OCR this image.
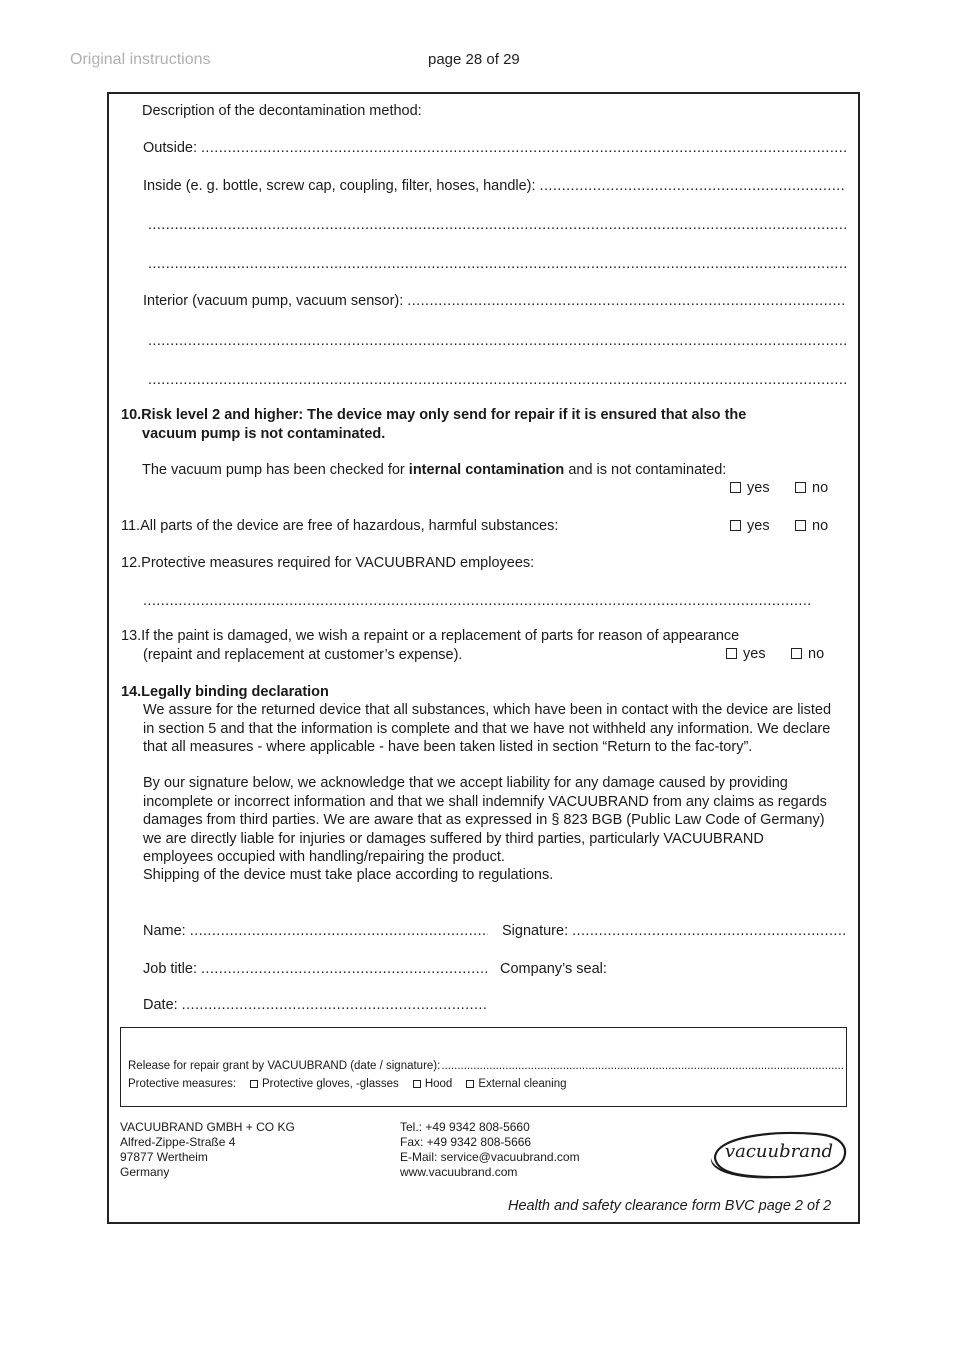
Original instructions	page 28 of 29
Description of the decontamination method:
Outside:
.....
Inside (e. g. bottle, screw cap, coupling, filter, hoses, handle):
.....
.....
.....
Interior (vacuum pump, vacuum sensor):
.....
.....
.....
10.Risk level 2 and higher: The device may only send for repair if it is ensured that also the
vacuum pump is not contaminated.
The vacuum pump has been checked for internal contamination and is not contaminated:
yes	no
11.All parts of the device are free of hazardous, harmful substances:	yes	no
12.Protective measures required for VACUUBRAND employees:
.....
13.If the paint is damaged, we wish a repaint or a replacement of parts for reason of appearance
(repaint and replacement at customer’s expense).	yes	no
14.Legally binding declaration
We assure for the returned device that all substances, which have been in contact with the device are listed in section 5 and that the information is complete and that we have not withheld any information. We declare that all measures - where applicable - have been taken listed in section “Return to the fac-tory”.
By our signature below, we acknowledge that we accept liability for any damage caused by providing incomplete or incorrect information and that we shall indemnify VACUUBRAND from any claims as regards damages from third parties. We are aware that as expressed in § 823 BGB (Public Law Code of Germany) we are directly liable for injuries or damages suffered by third parties, particularly VACUUBRAND employees occupied with handling/repairing the product.
Shipping of the device must take place according to regulations.
Name: .....	Signature:
.....
Job title: .....	Company’s seal:
Date:
.....
Release for repair grant by VACUUBRAND (date / signature):
.....
Protective measures: Protective gloves, -glasses Hood External cleaning
VACUUBRAND GMBH + CO KG
Alfred-Zippe-Straße 4
97877 Wertheim
Germany
Tel.: +49 9342 808-5660
Fax: +49 9342 808-5666
E-Mail: service@vacuubrand.com
www.vacuubrand.com
vacuubrand
Health and safety clearance form BVC page 2 of 2
